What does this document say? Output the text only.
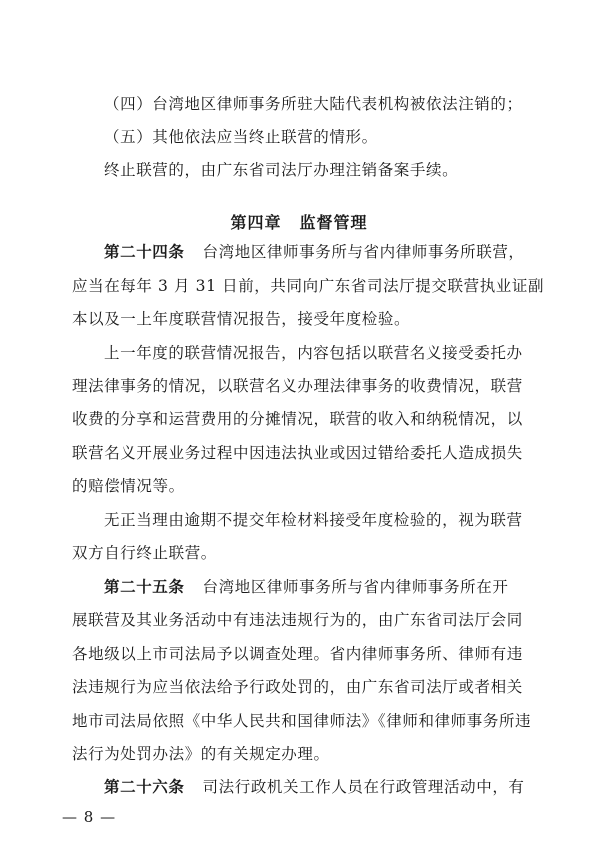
（四）台湾地区律师事务所驻大陆代表机构被依法注销的；
（五）其他依法应当终止联营的情形。
终止联营的，由广东省司法厅办理注销备案手续。
第四章 监督管理
第二十四条 台湾地区律师事务所与省内律师事务所联营，
应当在每年 3 月 31 日前，共同向广东省司法厅提交联营执业证副
本以及一上年度联营情况报告，接受年度检验。
上一年度的联营情况报告，内容包括以联营名义接受委托办
理法律事务的情况，以联营名义办理法律事务的收费情况，联营
收费的分享和运营费用的分摊情况，联营的收入和纳税情况，以
联营名义开展业务过程中因违法执业或因过错给委托人造成损失
的赔偿情况等。
无正当理由逾期不提交年检材料接受年度检验的，视为联营
双方自行终止联营。
第二十五条 台湾地区律师事务所与省内律师事务所在开
展联营及其业务活动中有违法违规行为的，由广东省司法厅会同
各地级以上市司法局予以调查处理。省内律师事务所、律师有违
法违规行为应当依法给予行政处罚的，由广东省司法厅或者相关
地市司法局依照《中华人民共和国律师法》《律师和律师事务所违
法行为处罚办法》的有关规定办理。
第二十六条 司法行政机关工作人员在行政管理活动中，有
— 8 —
